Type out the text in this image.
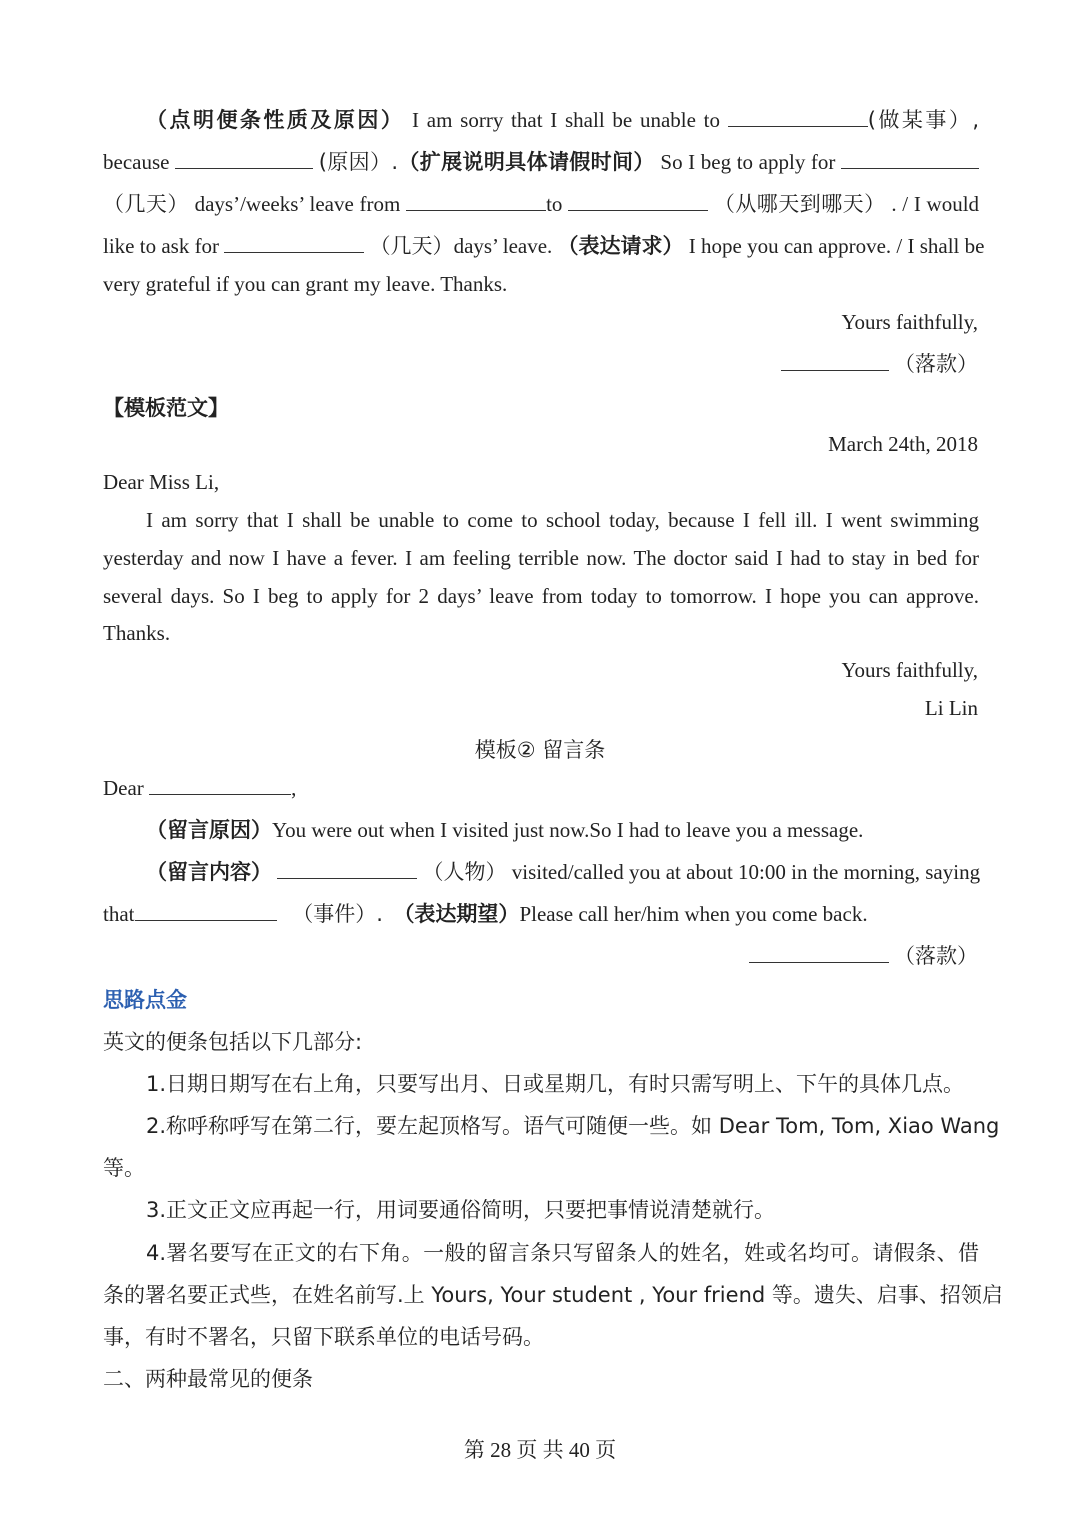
（点明便条性质及原因） I am sorry that I shall be unable to	(做某事）,
because	(原因）.（扩展说明具体请假时间） So I beg to apply for
（几天） days’/weeks’ leave from	to	（从哪天到哪天） . / I would
like to ask for	（几天）days’ leave. （表达请求） I hope you can approve. / I shall be
very grateful if you can grant my leave. Thanks.
Yours faithfully,
（落款）
【模板范文】
March 24th, 2018
Dear Miss Li,
I am sorry that I shall be unable to come to school today, because I fell ill. I went swimming
yesterday and now I have a fever. I am feeling terrible now. The doctor said I had to stay in bed for
several days. So I beg to apply for 2 days’ leave from today to tomorrow. I hope you can approve.
Thanks.
Yours faithfully,
Li Lin
模板② 留言条
Dear	,
（留言原因）You were out when I visited just now.So I had to leave you a message.
（留言内容）	（人物） visited/called you at about 10:00 in the morning, saying
that	（事件）. （表达期望）Please call her/him when you come back.
（落款）
思路点金
英文的便条包括以下几部分:
1.日期日期写在右上角，只要写出月、日或星期几，有时只需写明上、下午的具体几点。
2.称呼称呼写在第二行，要左起顶格写。语气可随便一些。如 Dear Tom, Tom, Xiao Wang
等。
3.正文正文应再起一行，用词要通俗简明，只要把事情说清楚就行。
4.署名要写在正文的右下角。一般的留言条只写留条人的姓名，姓或名均可。请假条、借
条的署名要正式些，在姓名前写.上 Yours, Your student , Your friend 等。遗失、启事、招领启
事，有时不署名，只留下联系单位的电话号码。
二、两种最常见的便条
第 28 页 共 40 页
